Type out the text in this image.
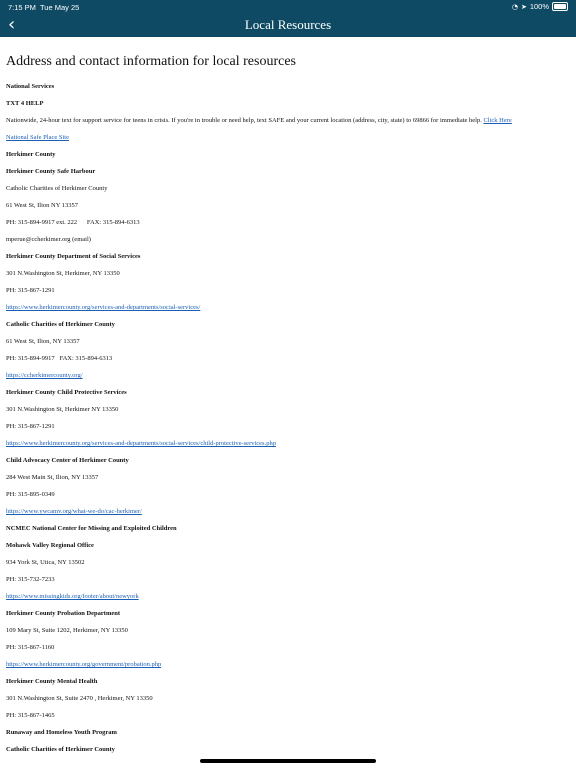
7:15 PM Tue May 25	◔ ➤ 100%
‹	Local Resources
Address and contact information for local resources
National Services
TXT 4 HELP
Nationwide, 24-hour text for support service for teens in crisis. If you're in trouble or need help, text SAFE and your current location (address, city, state) to 69866 for immediate help. Click Here
National Safe Place Site
Herkimer County
Herkimer County Safe Harbour
Catholic Charities of Herkimer County
61 West St, Ilion NY 13357
PH: 315-894-9917 ext. 222 FAX: 315-894-6313
mperue@ccherkimer.org (email)
Herkimer County Department of Social Services
301 N.Washington St, Herkimer, NY 13350
PH: 315-867-1291
https://www.herkimercounty.org/services-and-departments/social-services/
Catholic Charities of Herkimer County
61 West St, Ilion, NY 13357
PH: 315-894-9917 FAX: 315-894-6313
https://ccherkimercounty.org/
Herkimer County Child Protective Services
301 N.Washington St, Herkimer NY 13350
PH: 315-867-1291
https://www.herkimercounty.org/services-and-departments/social-services/child-protective-services.php
Child Advocacy Center of Herkimer County
284 West Main St, Ilion, NY 13357
PH: 315-895-0349
https://www.ywcamv.org/what-we-do/cac-herkimer/
NCMEC National Center for Missing and Exploited Children
Mohawk Valley Regional Office
934 York St, Utica, NY 13502
PH: 315-732-7233
https://www.missingkids.org/footer/about/newyork
Herkimer County Probation Department
109 Mary St, Suite 1202, Herkimer, NY 13350
PH: 315-867-1160
https://www.herkimercounty.org/government/probation.php
Herkimer County Mental Health
301 N.Washington St, Suite 2470 , Herkimer, NY 13350
PH: 315-867-1465
Runaway and Homeless Youth Program
Catholic Charities of Herkimer County
